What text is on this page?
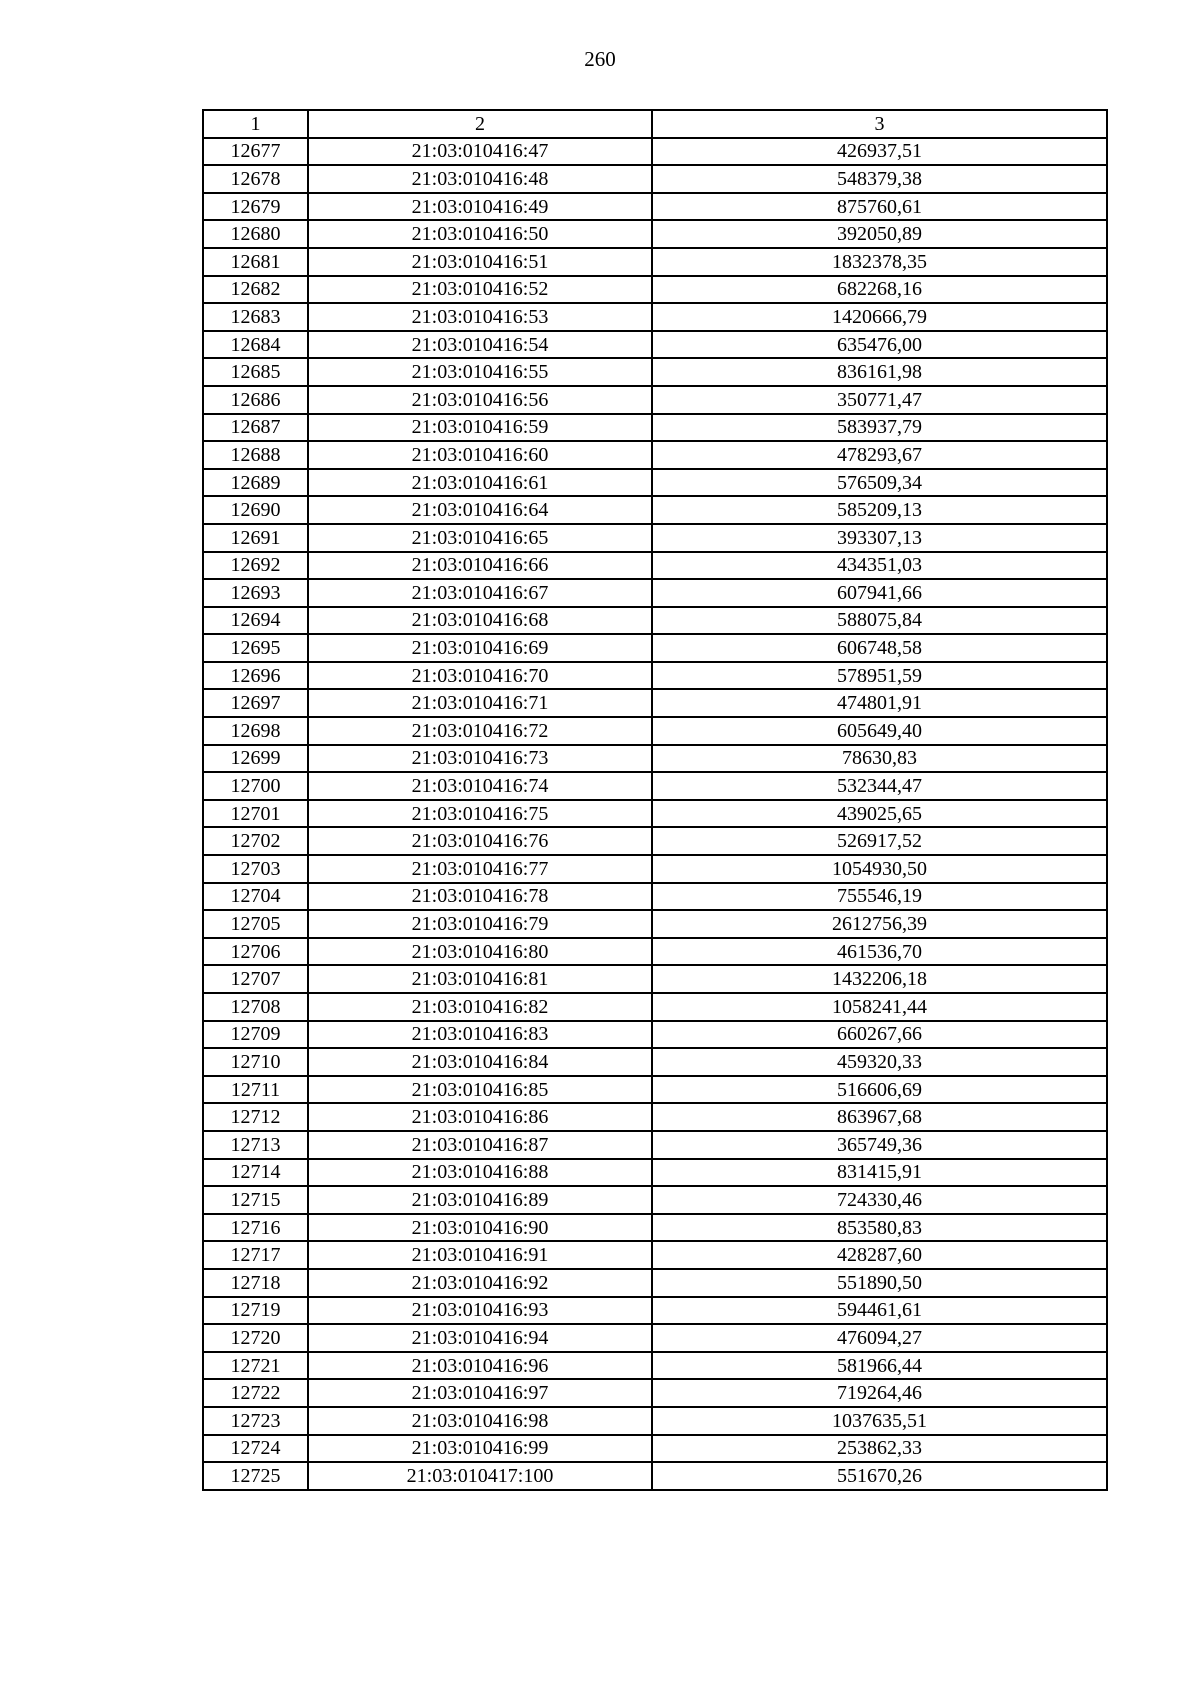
260
1	2	3
12677	21:03:010416:47	426937,51
12678	21:03:010416:48	548379,38
12679	21:03:010416:49	875760,61
12680	21:03:010416:50	392050,89
12681	21:03:010416:51	1832378,35
12682	21:03:010416:52	682268,16
12683	21:03:010416:53	1420666,79
12684	21:03:010416:54	635476,00
12685	21:03:010416:55	836161,98
12686	21:03:010416:56	350771,47
12687	21:03:010416:59	583937,79
12688	21:03:010416:60	478293,67
12689	21:03:010416:61	576509,34
12690	21:03:010416:64	585209,13
12691	21:03:010416:65	393307,13
12692	21:03:010416:66	434351,03
12693	21:03:010416:67	607941,66
12694	21:03:010416:68	588075,84
12695	21:03:010416:69	606748,58
12696	21:03:010416:70	578951,59
12697	21:03:010416:71	474801,91
12698	21:03:010416:72	605649,40
12699	21:03:010416:73	78630,83
12700	21:03:010416:74	532344,47
12701	21:03:010416:75	439025,65
12702	21:03:010416:76	526917,52
12703	21:03:010416:77	1054930,50
12704	21:03:010416:78	755546,19
12705	21:03:010416:79	2612756,39
12706	21:03:010416:80	461536,70
12707	21:03:010416:81	1432206,18
12708	21:03:010416:82	1058241,44
12709	21:03:010416:83	660267,66
12710	21:03:010416:84	459320,33
12711	21:03:010416:85	516606,69
12712	21:03:010416:86	863967,68
12713	21:03:010416:87	365749,36
12714	21:03:010416:88	831415,91
12715	21:03:010416:89	724330,46
12716	21:03:010416:90	853580,83
12717	21:03:010416:91	428287,60
12718	21:03:010416:92	551890,50
12719	21:03:010416:93	594461,61
12720	21:03:010416:94	476094,27
12721	21:03:010416:96	581966,44
12722	21:03:010416:97	719264,46
12723	21:03:010416:98	1037635,51
12724	21:03:010416:99	253862,33
12725	21:03:010417:100	551670,26
